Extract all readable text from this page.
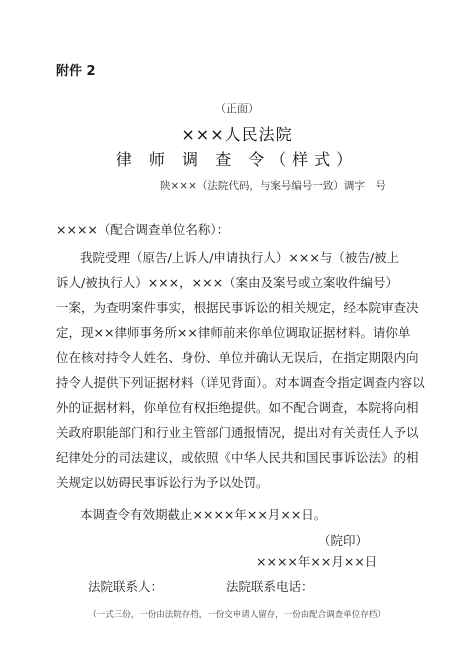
附件 2
（正面）
×××人民法院
律 师 调 查 令（样式）
陕×××（法院代码，与案号编号一致）调字　号
××××（配合调查单位名称）：
我院受理（原告/上诉人/申请执行人）×××与（被告/被上
诉人/被执行人）×××，×××（案由及案号或立案收件编号）
一案，为查明案件事实，根据民事诉讼的相关规定，经本院审查决
定，现××律师事务所××律师前来你单位调取证据材料。请你单
位在核对持令人姓名、身份、单位并确认无误后，在指定期限内向
持令人提供下列证据材料（详见背面）。对本调查令指定调查内容以
外的证据材料，你单位有权拒绝提供。如不配合调查，本院将向相
关政府职能部门和行业主管部门通报情况，提出对有关责任人予以
纪律处分的司法建议，或依照《中华人民共和国民事诉讼法》的相
关规定以妨碍民事诉讼行为予以处罚。
本调查令有效期截止××××年××月××日。
（院印）
××××年××月××日
法院联系人：	法院联系电话：
（一式三份，一份由法院存档，一份交申请人留存，一份由配合调查单位存档）
